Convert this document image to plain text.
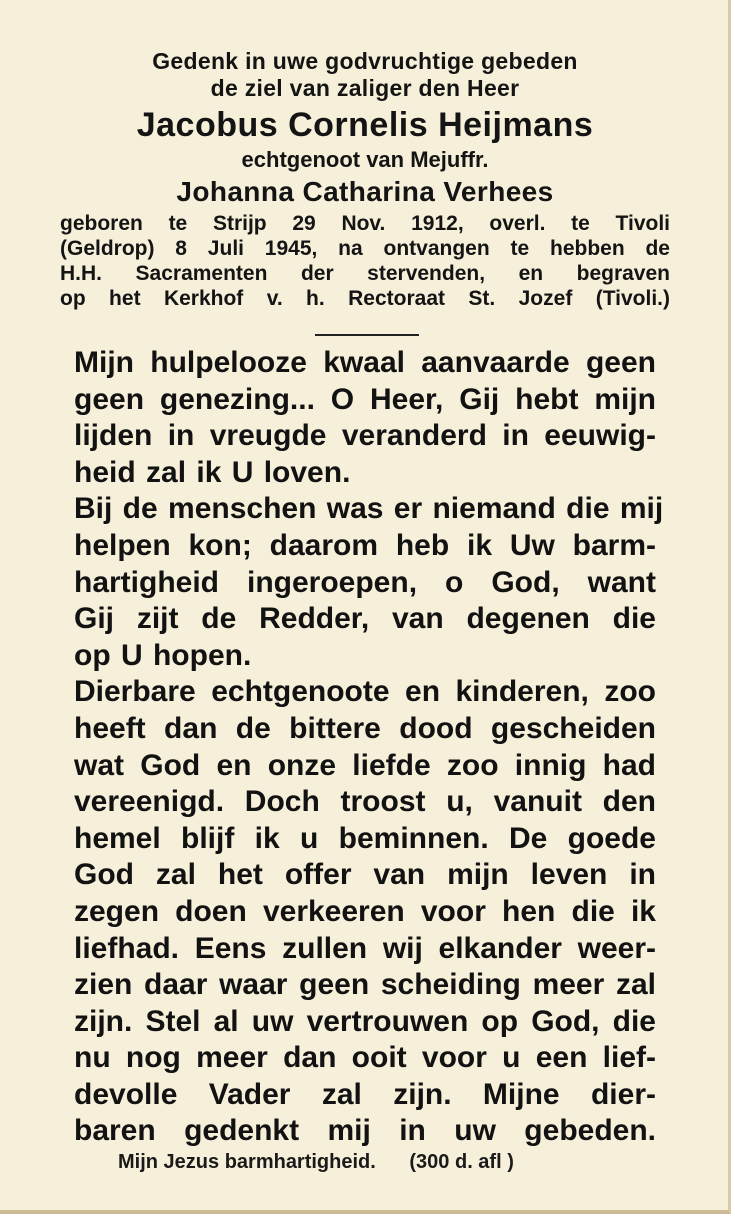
Gedenk in uwe godvruchtige gebeden
de ziel van zaliger den Heer
Jacobus Cornelis Heijmans
echtgenoot van Mejuffr.
Johanna Catharina Verhees
geboren te Strijp 29 Nov. 1912, overl. te Tivoli
(Geldrop) 8 Juli 1945, na ontvangen te hebben de
H.H. Sacramenten der stervenden, en begraven
op het Kerkhof v. h. Rectoraat St. Jozef (Tivoli.)
Mijn hulpelooze kwaal aanvaarde geen
geen genezing... O Heer, Gij hebt mijn
lijden in vreugde veranderd in eeuwig-
heid zal ik U loven.
Bij de menschen was er niemand die mij
helpen kon; daarom heb ik Uw barm-
hartigheid ingeroepen, o God, want
Gij zijt de Redder, van degenen die
op U hopen.
Dierbare echtgenoote en kinderen, zoo
heeft dan de bittere dood gescheiden
wat God en onze liefde zoo innig had
vereenigd. Doch troost u, vanuit den
hemel blijf ik u beminnen. De goede
God zal het offer van mijn leven in
zegen doen verkeeren voor hen die ik
liefhad. Eens zullen wij elkander weer-
zien daar waar geen scheiding meer zal
zijn. Stel al uw vertrouwen op God, die
nu nog meer dan ooit voor u een lief-
devolle Vader zal zijn. Mijne dier-
baren gedenkt mij in uw gebeden.
Mijn Jezus barmhartigheid. (300 d. afl )
